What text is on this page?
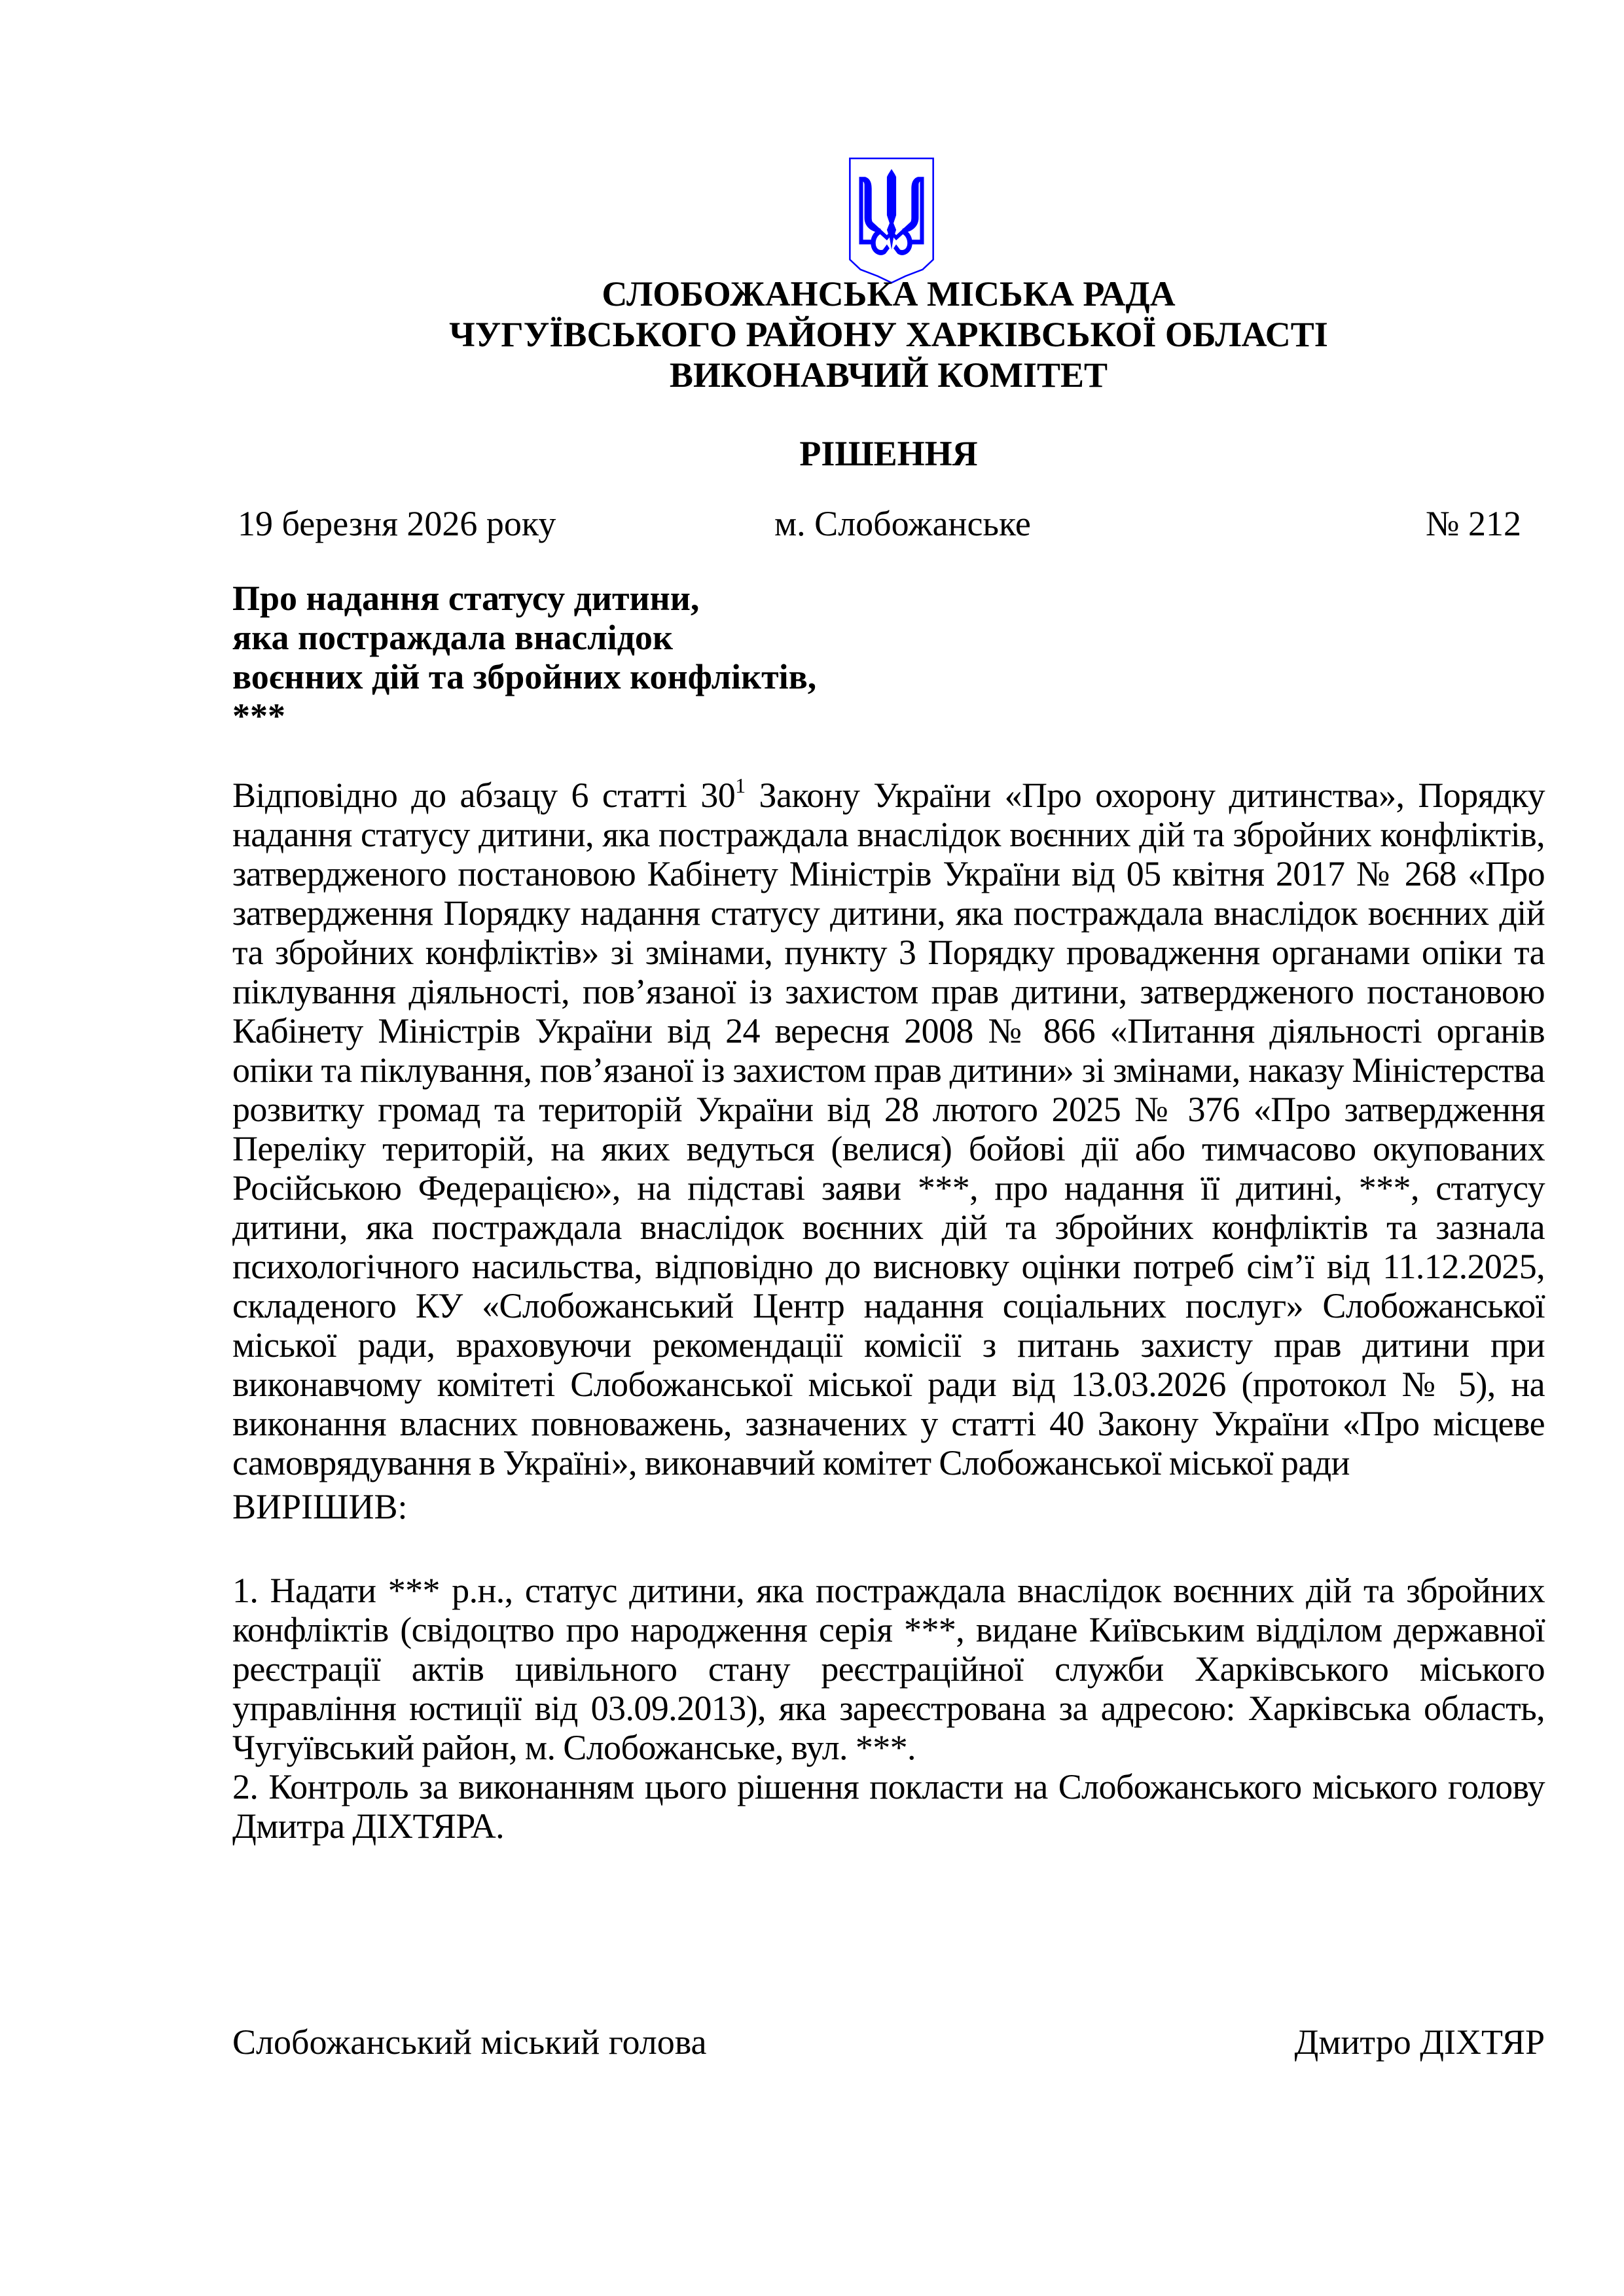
СЛОБОЖАНСЬКА МІСЬКА РАДА
ЧУГУЇВСЬКОГО РАЙОНУ ХАРКІВСЬКОЇ ОБЛАСТІ
ВИКОНАВЧИЙ КОМІТЕТ
РІШЕННЯ
19 березня 2026 року	м. Слобожанське	№ 212
Про надання статусу дитини,
яка постраждала внаслідок
воєнних дій та збройних конфліктів,
***
Відповідно до абзацу 6 статті $30^1$ Закону України «Про охорону дитинства», Порядку надання статусу дитини, яка постраждала внаслідок воєнних дій та збройних конфліктів, затвердженого постановою Кабінету Міністрів України від 05 квітня 2017 № 268 «Про затвердження Порядку надання статусу дитини, яка постраждала внаслідок воєнних дій та збройних конфліктів» зі змінами, пункту 3 Порядку провадження органами опіки та піклування діяльності, пов’язаної із захистом прав дитини, затвердженого постановою Кабінету Міністрів України від 24 вересня 2008 № 866 «Питання діяльності органів опіки та піклування, пов’язаної із захистом прав дитини» зі змінами, наказу Міністерства розвитку громад та територій України від 28 лютого 2025 № 376 «Про затвердження Переліку територій, на яких ведуться (велися) бойові дії або тимчасово окупованих Російською Федерацією», на підставі заяви ***, про надання її дитині, ***, статусу дитини, яка постраждала внаслідок воєнних дій та збройних конфліктів та зазнала психологічного насильства, відповідно до висновку оцінки потреб сім’ї від 11.12.2025, складеного КУ «Слобожанський Центр надання соціальних послуг» Слобожанської міської ради, враховуючи рекомендації комісії з питань захисту прав дитини при виконавчому комітеті Слобожанської міської ради від 13.03.2026 (протокол № 5), на виконання власних повноважень, зазначених у статті 40 Закону України «Про місцеве самоврядування в Україні», виконавчий комітет Слобожанської міської ради
ВИРІШИВ:

1. Надати *** р.н., статус дитини, яка постраждала внаслідок воєнних дій та збройних конфліктів (свідоцтво про народження серія ***, видане Київським відділом державної реєстрації актів цивільного стану реєстраційної служби Харківського міського управління юстиції від 03.09.2013), яка зареєстрована за адресою: Харківська область, Чугуївський район, м. Слобожанське, вул. ***.

2. Контроль за виконанням цього рішення покласти на Слобожанського міського голову Дмитра ДІХТЯРА.

Слобожанський міський голова	Дмитро ДІХТЯР
